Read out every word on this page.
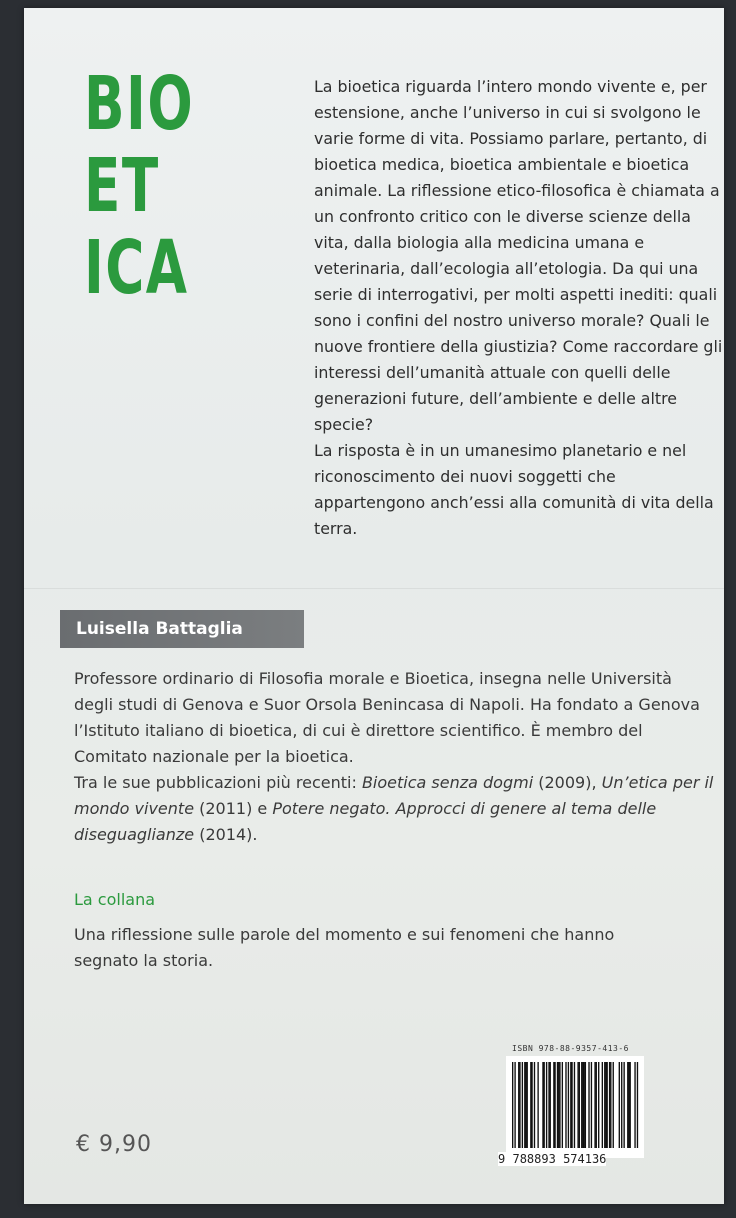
BIO
ET
ICA

La bioetica riguarda l’intero mondo vivente e, per estensione, anche l’universo in cui si svolgono le varie forme di vita. Possiamo parlare, pertanto, di bioetica medica, bioetica ambientale e bioetica animale. La riflessione etico-filosofica è chiamata a un confronto critico con le diverse scienze della vita, dalla biologia alla medicina umana e veterinaria, dall’ecologia all’etologia. Da qui una serie di interrogativi, per molti aspetti inediti: quali sono i confini del nostro universo morale? Quali le nuove frontiere della giustizia? Come raccordare gli interessi dell’umanità attuale con quelli delle generazioni future, dell’ambiente e delle altre specie?

La risposta è in un umanesimo planetario e nel riconoscimento dei nuovi soggetti che appartengono anch’essi alla comunità di vita della terra.

Luisella Battaglia

Professore ordinario di Filosofia morale e Bioetica, insegna nelle Università degli studi di Genova e Suor Orsola Benincasa di Napoli. Ha fondato a Genova l’Istituto italiano di bioetica, di cui è direttore scientifico. È membro del Comitato nazionale per la bioetica.

Tra le sue pubblicazioni più recenti: Bioetica senza dogmi (2009), Un’etica per il mondo vivente (2011) e Potere negato. Approcci di genere al tema delle diseguaglianze (2014).

La collana
Una riflessione sulle parole del momento e sui fenomeni che hanno segnato la storia.
€ 9,90
ISBN 978-88-9357-413-6
9 788893 574136
